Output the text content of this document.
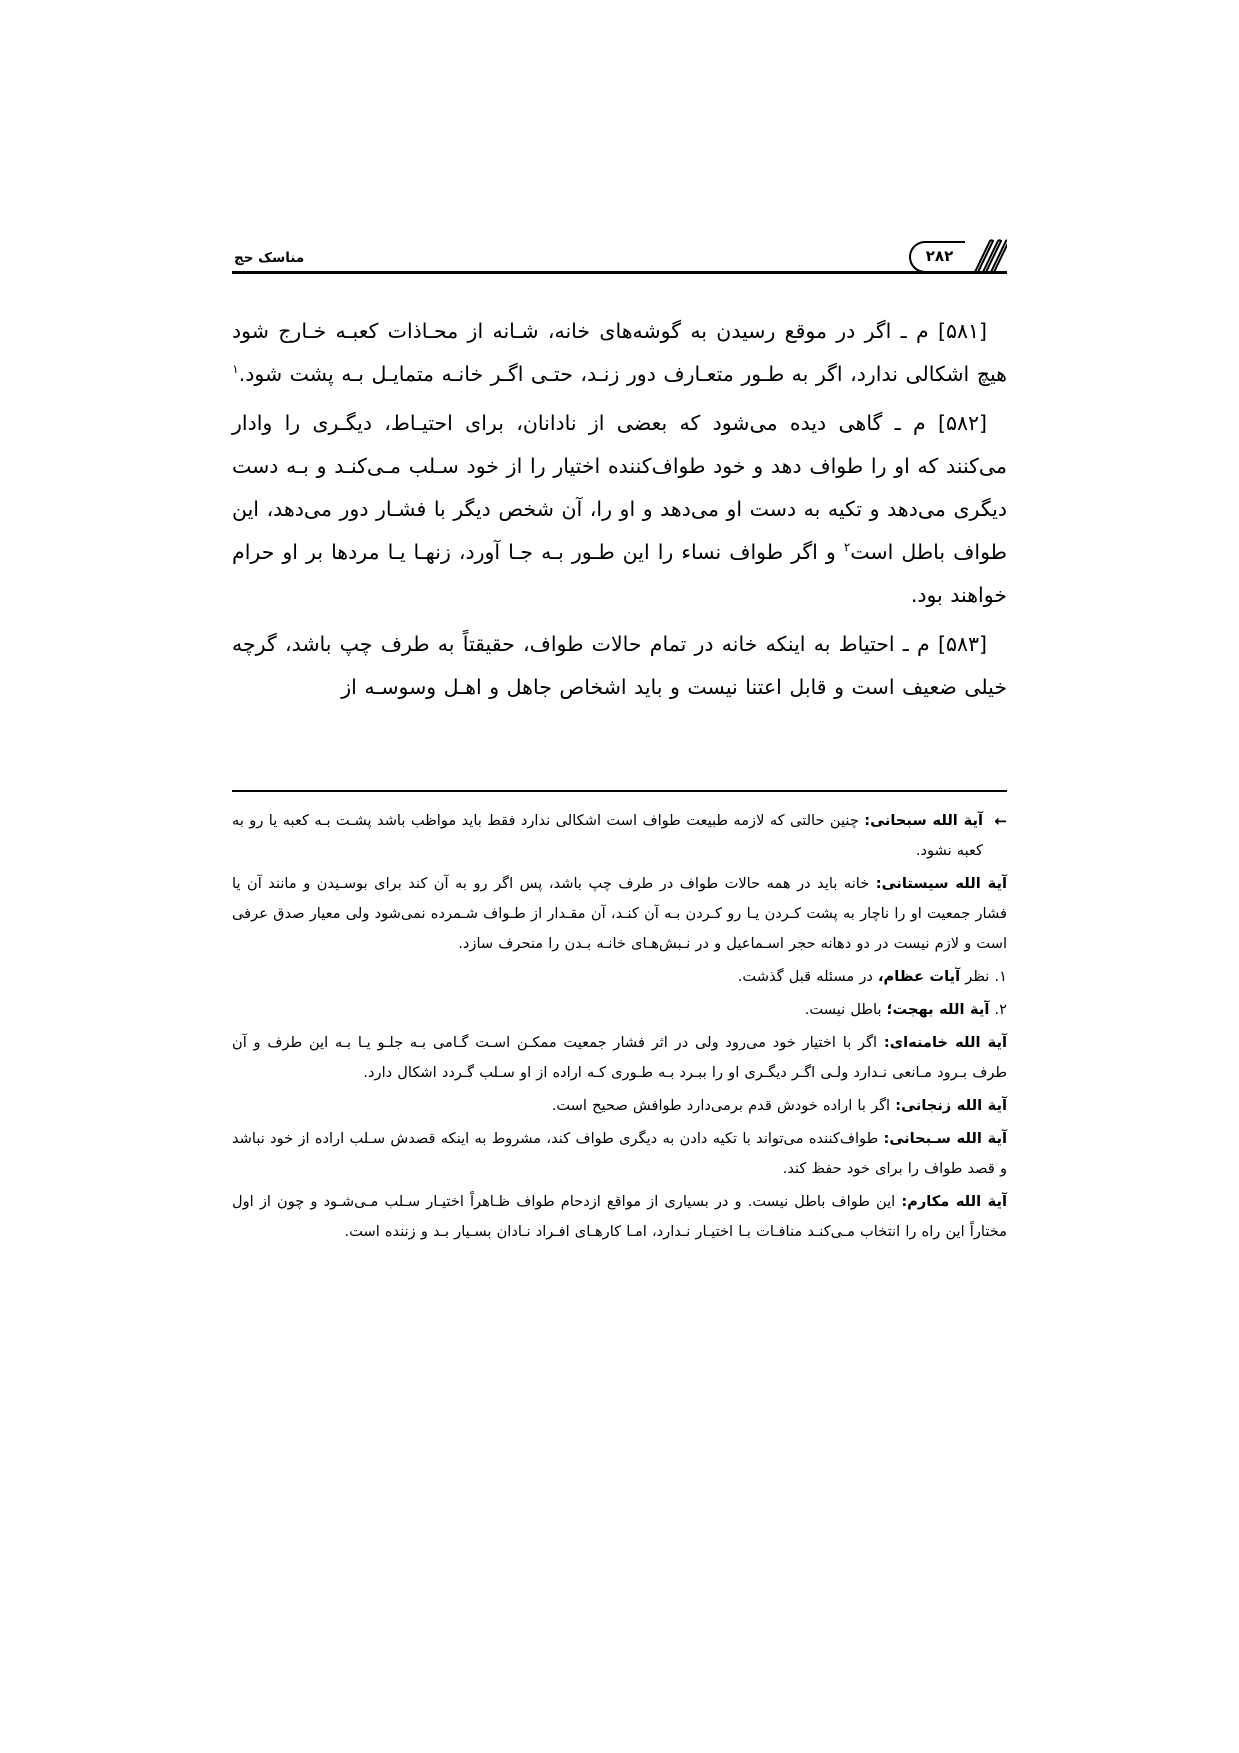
مناسک حج	۲۸۲

[۵۸۱] م ـ اگر در موقع رسیدن به گوشه‌های خانه، شـانه از محـاذات کعبـه خـارج شود هیچ اشکالی ندارد، اگر به طـور متعـارف دور زنـد، حتـی اگـر خانـه متمایـل بـه پشت شود.$^۱$

[۵۸۲] م ـ گاهی دیده می‌شود که بعضی از نادانان، برای احتیـاط، دیگـری را وادار می‌کنند که او را طواف دهد و خود طواف‌کننده اختیار را از خود سـلب مـی‌کنـد و بـه دست دیگری می‌دهد و تکیه به دست او می‌دهد و او را، آن شخص دیگر با فشـار دور می‌دهد، این طواف باطل است$^۲$ و اگر طواف نساء را این طـور بـه جـا آورد، زنهـا یـا مردها بر او حرام خواهند بود.

[۵۸۳] م ـ احتیاط به اینکه خانه در تمام حالات طواف، حقیقتاً به طرف چپ باشد، گرچه خیلی ضعیف است و قابل اعتنا نیست و باید اشخاص جاهل و اهـل وسوسـه از

←
آیة الله سبحانی: چنین حالتی که لازمه طبیعت طواف است اشکالی ندارد فقط باید مواظب باشد پشـت بـه کعبه یا رو به کعبه نشود.

آیة الله سیستانی: خانه باید در همه حالات طواف در طرف چپ باشد، پس اگر رو به آن کند برای بوسـیدن و مانند آن یا فشار جمعیت او را ناچار به پشت کـردن یـا رو کـردن بـه آن کنـد، آن مقـدار از طـواف شـمرده نمی‌شود ولی معیار صدق عرفی است و لازم نیست در دو دهانه حجر اسـماعیل و در نـبش‌هـای خانـه بـدن را منحرف سازد.

۱. نظر آیات عظام، در مسئله قبل گذشت.

۲. آیة الله بهجت؛ باطل نیست.

آیة الله خامنه‌ای: اگر با اختیار خود می‌رود ولی در اثر فشار جمعیت ممکـن اسـت گـامی بـه جلـو یـا بـه این طرف و آن طرف بـرود مـانعی نـدارد ولـی اگـر دیگـری او را ببـرد بـه طـوری کـه اراده از او سـلب گـردد اشکال دارد.

آیة الله زنجانی: اگر با اراده خودش قدم برمی‌دارد طوافش صحیح است.

آیة الله سـبحانی: طواف‌کننده می‌تواند با تکیه دادن به دیگری طواف کند، مشروط به اینکه قصدش سـلب اراده از خود نباشد و قصد طواف را برای خود حفظ کند.

آیة الله مکارم: این طواف باطل نیست. و در بسیاری از مواقع ازدحام طواف ظـاهراً اختیـار سـلب مـی‌شـود و چون از اول مختاراً این راه را انتخاب مـی‌کنـد منافـات بـا اختیـار نـدارد، امـا کارهـای افـراد نـادان بسـیار بـد و زننده است.
